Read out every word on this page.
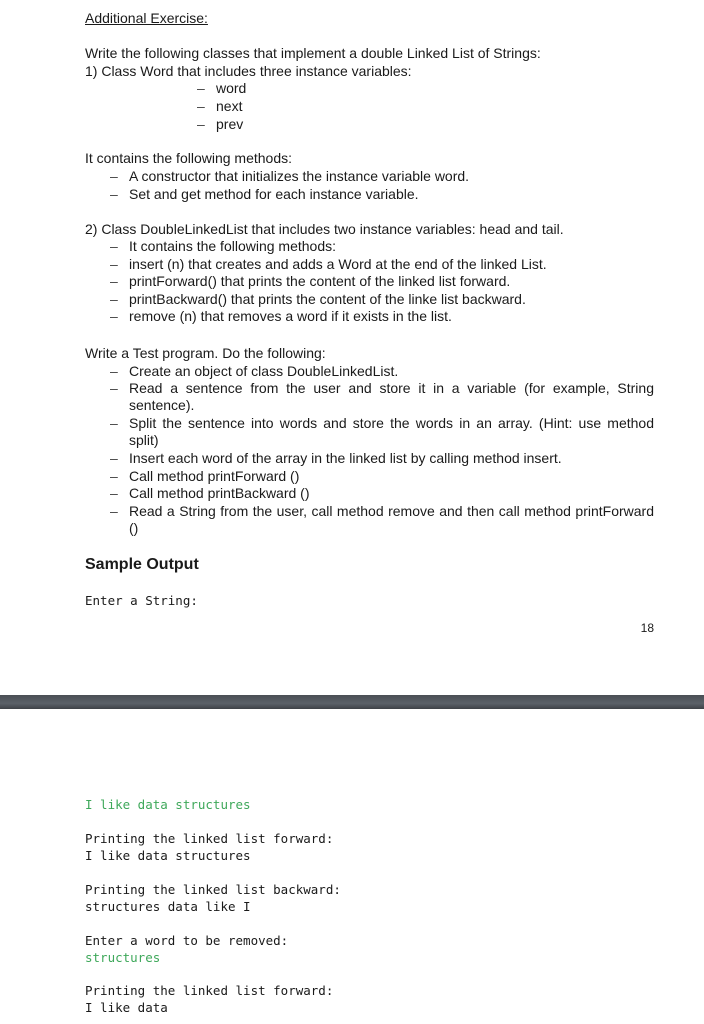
Additional Exercise:
Write the following classes that implement a double Linked List of Strings:
1) Class Word that includes three instance variables:
– word
– next
– prev
It contains the following methods:
– A constructor that initializes the instance variable word.
– Set and get method for each instance variable.
2) Class DoubleLinkedList that includes two instance variables: head and tail.
– It contains the following methods:
– insert (n) that creates and adds a Word at the end of the linked List.
– printForward() that prints the content of the linked list forward.
– printBackward() that prints the content of the linke list backward.
– remove (n) that removes a word if it exists in the list.
Write a Test program. Do the following:
– Create an object of class DoubleLinkedList.
– Read a sentence from the user and store it in a variable (for example, String sentence).
– Split the sentence into words and store the words in an array. (Hint: use method split)
– Insert each word of the array in the linked list by calling method insert.
– Call method printForward ()
– Call method printBackward ()
– Read a String from the user, call method remove and then call method printForward ()
Sample Output
Enter a String:
18
I like data structures
Printing the linked list forward:
I like data structures
Printing the linked list backward:
structures data like I
Enter a word to be removed:
structures
Printing the linked list forward:
I like data
